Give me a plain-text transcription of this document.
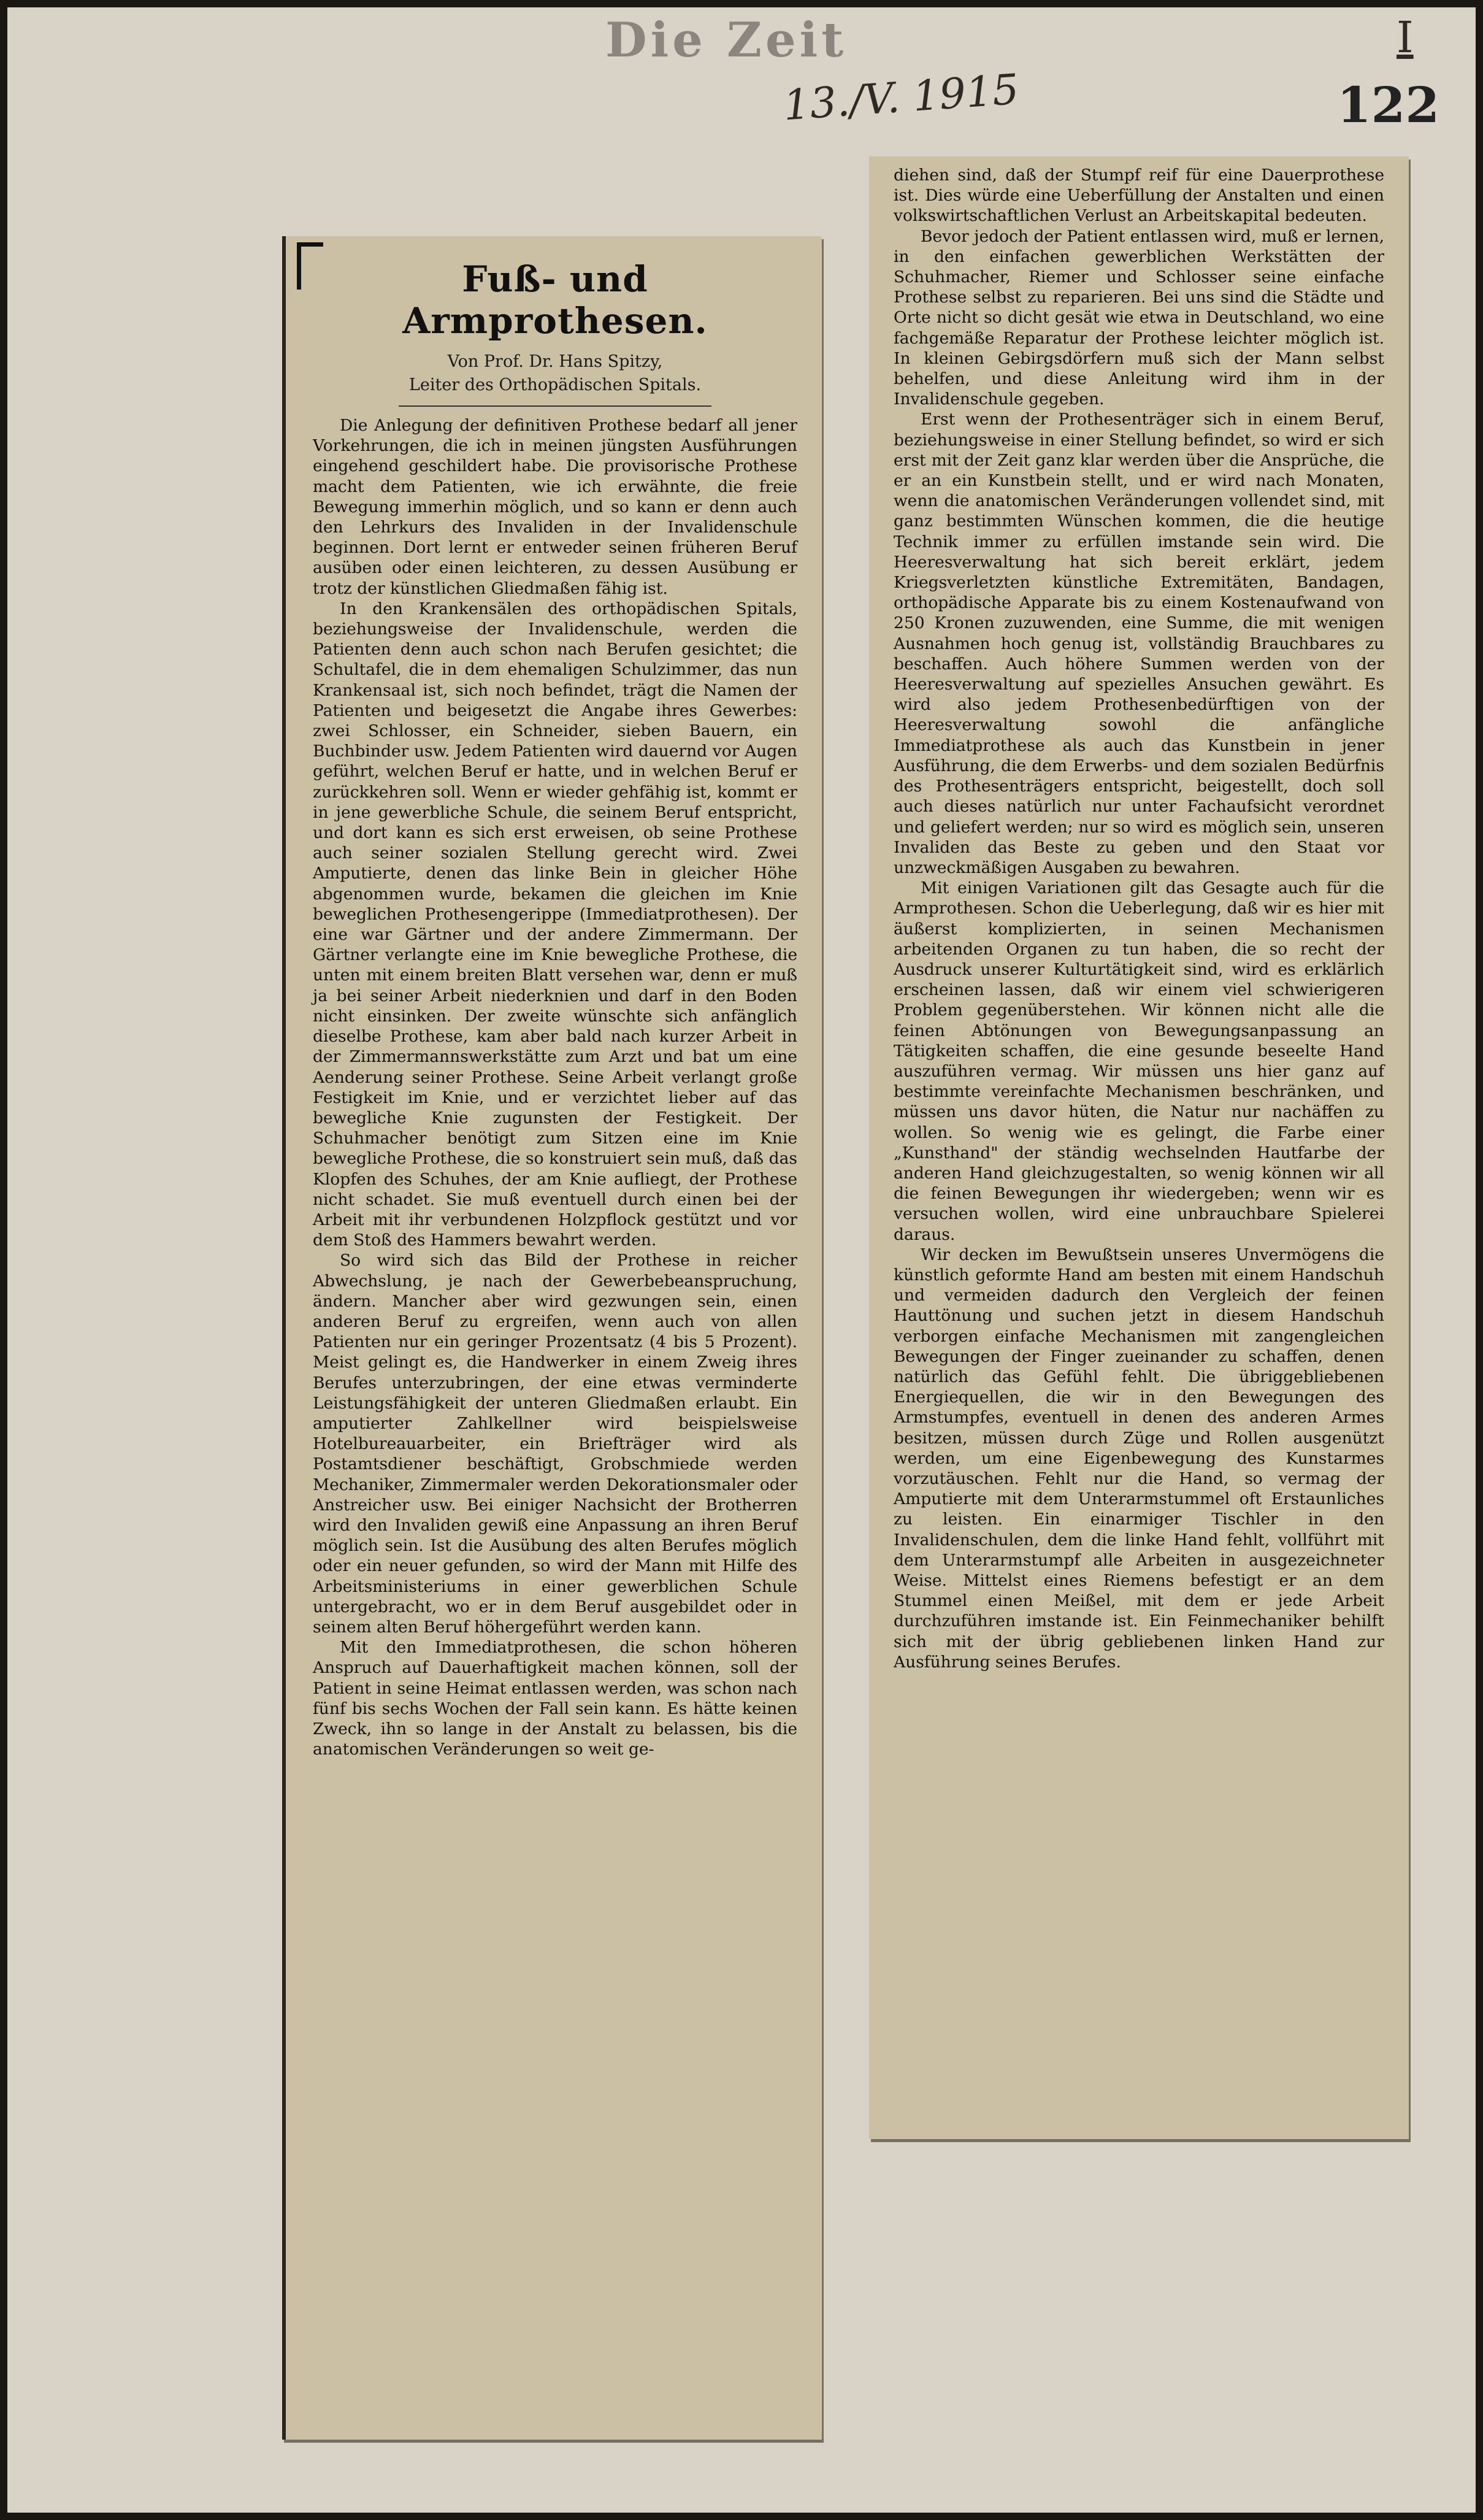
Die Zeit
13./V. 1915
I
122
Fuß- und Armprothesen.
Von Prof. Dr. Hans Spitzy,
Leiter des Orthopädischen Spitals.

Die Anlegung der definitiven Prothese bedarf all jener Vorkehrungen, die ich in meinen jüngsten Ausführungen eingehend geschildert habe. Die provisorische Prothese macht dem Patienten, wie ich erwähnte, die freie Bewegung immerhin möglich, und so kann er denn auch den Lehrkurs des Invaliden in der Invalidenschule beginnen. Dort lernt er entweder seinen früheren Beruf ausüben oder einen leichteren, zu dessen Ausübung er trotz der künstlichen Gliedmaßen fähig ist.

In den Krankensälen des orthopädischen Spitals, beziehungsweise der Invalidenschule, werden die Patienten denn auch schon nach Berufen gesichtet; die Schultafel, die in dem ehemaligen Schulzimmer, das nun Krankensaal ist, sich noch befindet, trägt die Namen der Patienten und beigesetzt die Angabe ihres Gewerbes: zwei Schlosser, ein Schneider, sieben Bauern, ein Buchbinder usw. Jedem Patienten wird dauernd vor Augen geführt, welchen Beruf er hatte, und in welchen Beruf er zurückkehren soll. Wenn er wieder gehfähig ist, kommt er in jene gewerbliche Schule, die seinem Beruf entspricht, und dort kann es sich erst erweisen, ob seine Prothese auch seiner sozialen Stellung gerecht wird. Zwei Amputierte, denen das linke Bein in gleicher Höhe abgenommen wurde, bekamen die gleichen im Knie beweglichen Prothesengerippe (Immediatprothesen). Der eine war Gärtner und der andere Zimmermann. Der Gärtner verlangte eine im Knie bewegliche Prothese, die unten mit einem breiten Blatt versehen war, denn er muß ja bei seiner Arbeit niederknien und darf in den Boden nicht einsinken. Der zweite wünschte sich anfänglich dieselbe Prothese, kam aber bald nach kurzer Arbeit in der Zimmermannswerkstätte zum Arzt und bat um eine Aenderung seiner Prothese. Seine Arbeit verlangt große Festigkeit im Knie, und er verzichtet lieber auf das bewegliche Knie zugunsten der Festigkeit. Der Schuhmacher benötigt zum Sitzen eine im Knie bewegliche Prothese, die so konstruiert sein muß, daß das Klopfen des Schuhes, der am Knie aufliegt, der Prothese nicht schadet. Sie muß eventuell durch einen bei der Arbeit mit ihr verbundenen Holzpflock gestützt und vor dem Stoß des Hammers bewahrt werden.

So wird sich das Bild der Prothese in reicher Abwechslung, je nach der Gewerbebeanspruchung, ändern. Mancher aber wird gezwungen sein, einen anderen Beruf zu ergreifen, wenn auch von allen Patienten nur ein geringer Prozentsatz (4 bis 5 Prozent). Meist gelingt es, die Handwerker in einem Zweig ihres Berufes unterzubringen, der eine etwas verminderte Leistungsfähigkeit der unteren Gliedmaßen erlaubt. Ein amputierter Zahlkellner wird beispielsweise Hotelbureauarbeiter, ein Briefträger wird als Postamtsdiener beschäftigt, Grobschmiede werden Mechaniker, Zimmermaler werden Dekorationsmaler oder Anstreicher usw. Bei einiger Nachsicht der Brotherren wird den Invaliden gewiß eine Anpassung an ihren Beruf möglich sein. Ist die Ausübung des alten Berufes möglich oder ein neuer gefunden, so wird der Mann mit Hilfe des Arbeitsministeriums in einer gewerblichen Schule untergebracht, wo er in dem Beruf ausgebildet oder in seinem alten Beruf höhergeführt werden kann.

Mit den Immediatprothesen, die schon höheren Anspruch auf Dauerhaftigkeit machen können, soll der Patient in seine Heimat entlassen werden, was schon nach fünf bis sechs Wochen der Fall sein kann. Es hätte keinen Zweck, ihn so lange in der Anstalt zu belassen, bis die anatomischen Veränderungen so weit ge-

diehen sind, daß der Stumpf reif für eine Dauerprothese ist. Dies würde eine Ueberfüllung der Anstalten und einen volkswirtschaftlichen Verlust an Arbeitskapital bedeuten.

Bevor jedoch der Patient entlassen wird, muß er lernen, in den einfachen gewerblichen Werkstätten der Schuhmacher, Riemer und Schlosser seine einfache Prothese selbst zu reparieren. Bei uns sind die Städte und Orte nicht so dicht gesät wie etwa in Deutschland, wo eine fachgemäße Reparatur der Prothese leichter möglich ist. In kleinen Gebirgsdörfern muß sich der Mann selbst behelfen, und diese Anleitung wird ihm in der Invalidenschule gegeben.

Erst wenn der Prothesenträger sich in einem Beruf, beziehungsweise in einer Stellung befindet, so wird er sich erst mit der Zeit ganz klar werden über die Ansprüche, die er an ein Kunstbein stellt, und er wird nach Monaten, wenn die anatomischen Veränderungen vollendet sind, mit ganz bestimmten Wünschen kommen, die die heutige Technik immer zu erfüllen imstande sein wird. Die Heeresverwaltung hat sich bereit erklärt, jedem Kriegsverletzten künstliche Extremitäten, Bandagen, orthopädische Apparate bis zu einem Kostenaufwand von 250 Kronen zuzuwenden, eine Summe, die mit wenigen Ausnahmen hoch genug ist, vollständig Brauchbares zu beschaffen. Auch höhere Summen werden von der Heeresverwaltung auf spezielles Ansuchen gewährt. Es wird also jedem Prothesenbedürftigen von der Heeresverwaltung sowohl die anfängliche Immediatprothese als auch das Kunstbein in jener Ausführung, die dem Erwerbs- und dem sozialen Bedürfnis des Prothesenträgers entspricht, beigestellt, doch soll auch dieses natürlich nur unter Fachaufsicht verordnet und geliefert werden; nur so wird es möglich sein, unseren Invaliden das Beste zu geben und den Staat vor unzweckmäßigen Ausgaben zu bewahren.

Mit einigen Variationen gilt das Gesagte auch für die Armprothesen. Schon die Ueberlegung, daß wir es hier mit äußerst komplizierten, in seinen Mechanismen arbeitenden Organen zu tun haben, die so recht der Ausdruck unserer Kulturtätigkeit sind, wird es erklärlich erscheinen lassen, daß wir einem viel schwierigeren Problem gegenüberstehen. Wir können nicht alle die feinen Abtönungen von Bewegungsanpassung an Tätigkeiten schaffen, die eine gesunde beseelte Hand auszuführen vermag. Wir müssen uns hier ganz auf bestimmte vereinfachte Mechanismen beschränken, und müssen uns davor hüten, die Natur nur nachäffen zu wollen. So wenig wie es gelingt, die Farbe einer „Kunsthand" der ständig wechselnden Hautfarbe der anderen Hand gleichzugestalten, so wenig können wir all die feinen Bewegungen ihr wiedergeben; wenn wir es versuchen wollen, wird eine unbrauchbare Spielerei daraus.

Wir decken im Bewußtsein unseres Unvermögens die künstlich geformte Hand am besten mit einem Handschuh und vermeiden dadurch den Vergleich der feinen Hauttönung und suchen jetzt in diesem Handschuh verborgen einfache Mechanismen mit zangengleichen Bewegungen der Finger zueinander zu schaffen, denen natürlich das Gefühl fehlt. Die übriggebliebenen Energiequellen, die wir in den Bewegungen des Armstumpfes, eventuell in denen des anderen Armes besitzen, müssen durch Züge und Rollen ausgenützt werden, um eine Eigenbewegung des Kunstarmes vorzutäuschen. Fehlt nur die Hand, so vermag der Amputierte mit dem Unterarmstummel oft Erstaunliches zu leisten. Ein einarmiger Tischler in den Invalidenschulen, dem die linke Hand fehlt, vollführt mit dem Unterarmstumpf alle Arbeiten in ausgezeichneter Weise. Mittelst eines Riemens befestigt er an dem Stummel einen Meißel, mit dem er jede Arbeit durchzuführen imstande ist. Ein Feinmechaniker behilft sich mit der übrig gebliebenen linken Hand zur Ausführung seines Berufes.
